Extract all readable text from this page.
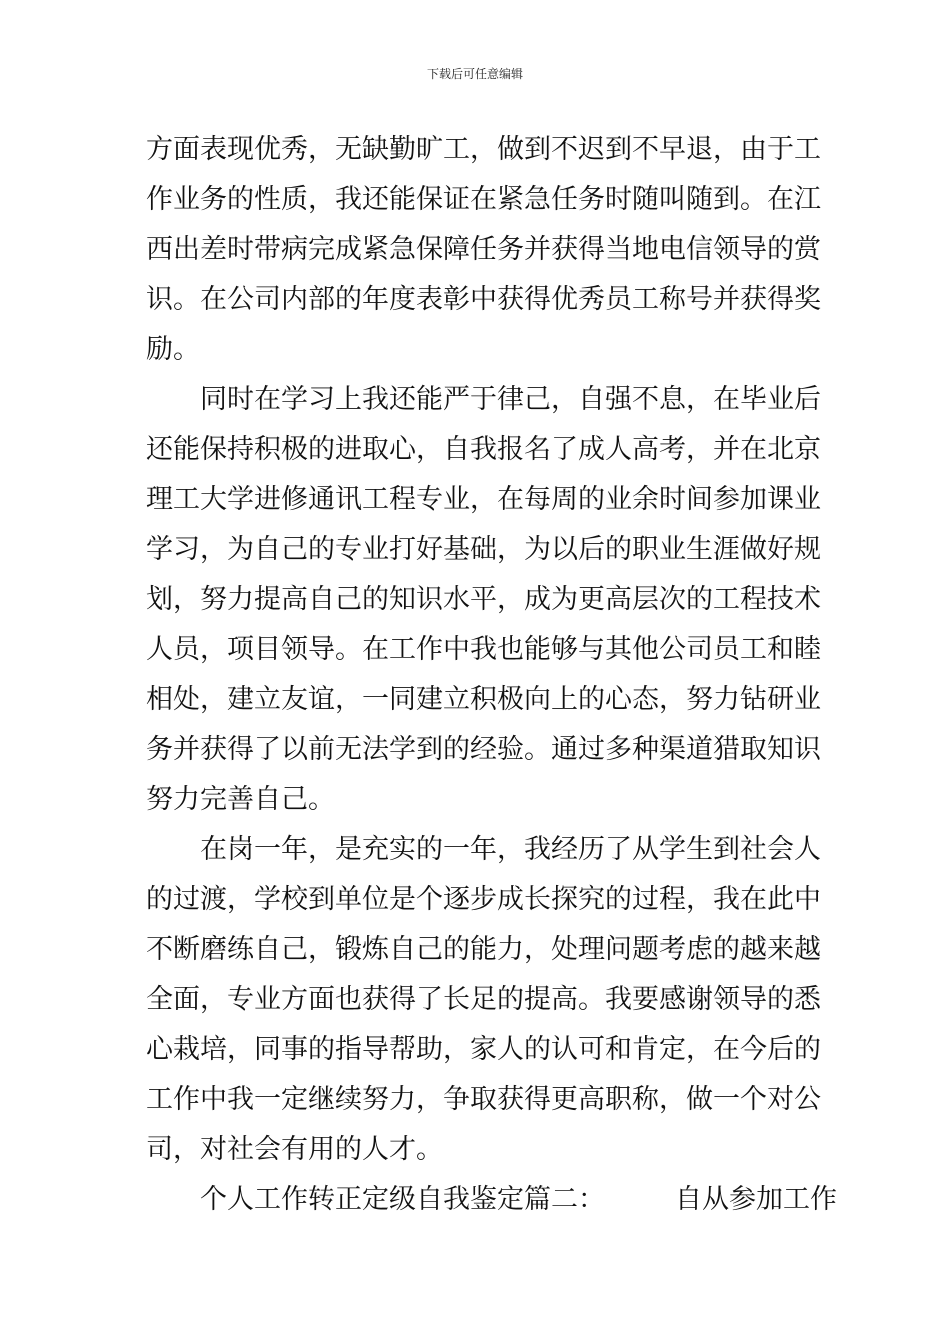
下载后可任意编辑
方面表现优秀，无缺勤旷工，做到不迟到不早退，由于工
作业务的性质，我还能保证在紧急任务时随叫随到。在江
西出差时带病完成紧急保障任务并获得当地电信领导的赏
识。在公司内部的年度表彰中获得优秀员工称号并获得奖
励。
　　同时在学习上我还能严于律己，自强不息，在毕业后
还能保持积极的进取心，自我报名了成人高考，并在北京
理工大学进修通讯工程专业，在每周的业余时间参加课业
学习，为自己的专业打好基础，为以后的职业生涯做好规
划，努力提高自己的知识水平，成为更高层次的工程技术
人员，项目领导。在工作中我也能够与其他公司员工和睦
相处，建立友谊，一同建立积极向上的心态，努力钻研业
务并获得了以前无法学到的经验。通过多种渠道猎取知识
努力完善自己。
　　在岗一年，是充实的一年，我经历了从学生到社会人
的过渡，学校到单位是个逐步成长探究的过程，我在此中
不断磨练自己，锻炼自己的能力，处理问题考虑的越来越
全面，专业方面也获得了长足的提高。我要感谢领导的悉
心栽培，同事的指导帮助，家人的认可和肯定，在今后的
工作中我一定继续努力，争取获得更高职称，做一个对公
司，对社会有用的人才。
　　个人工作转正定级自我鉴定篇二：	自从参加工作
